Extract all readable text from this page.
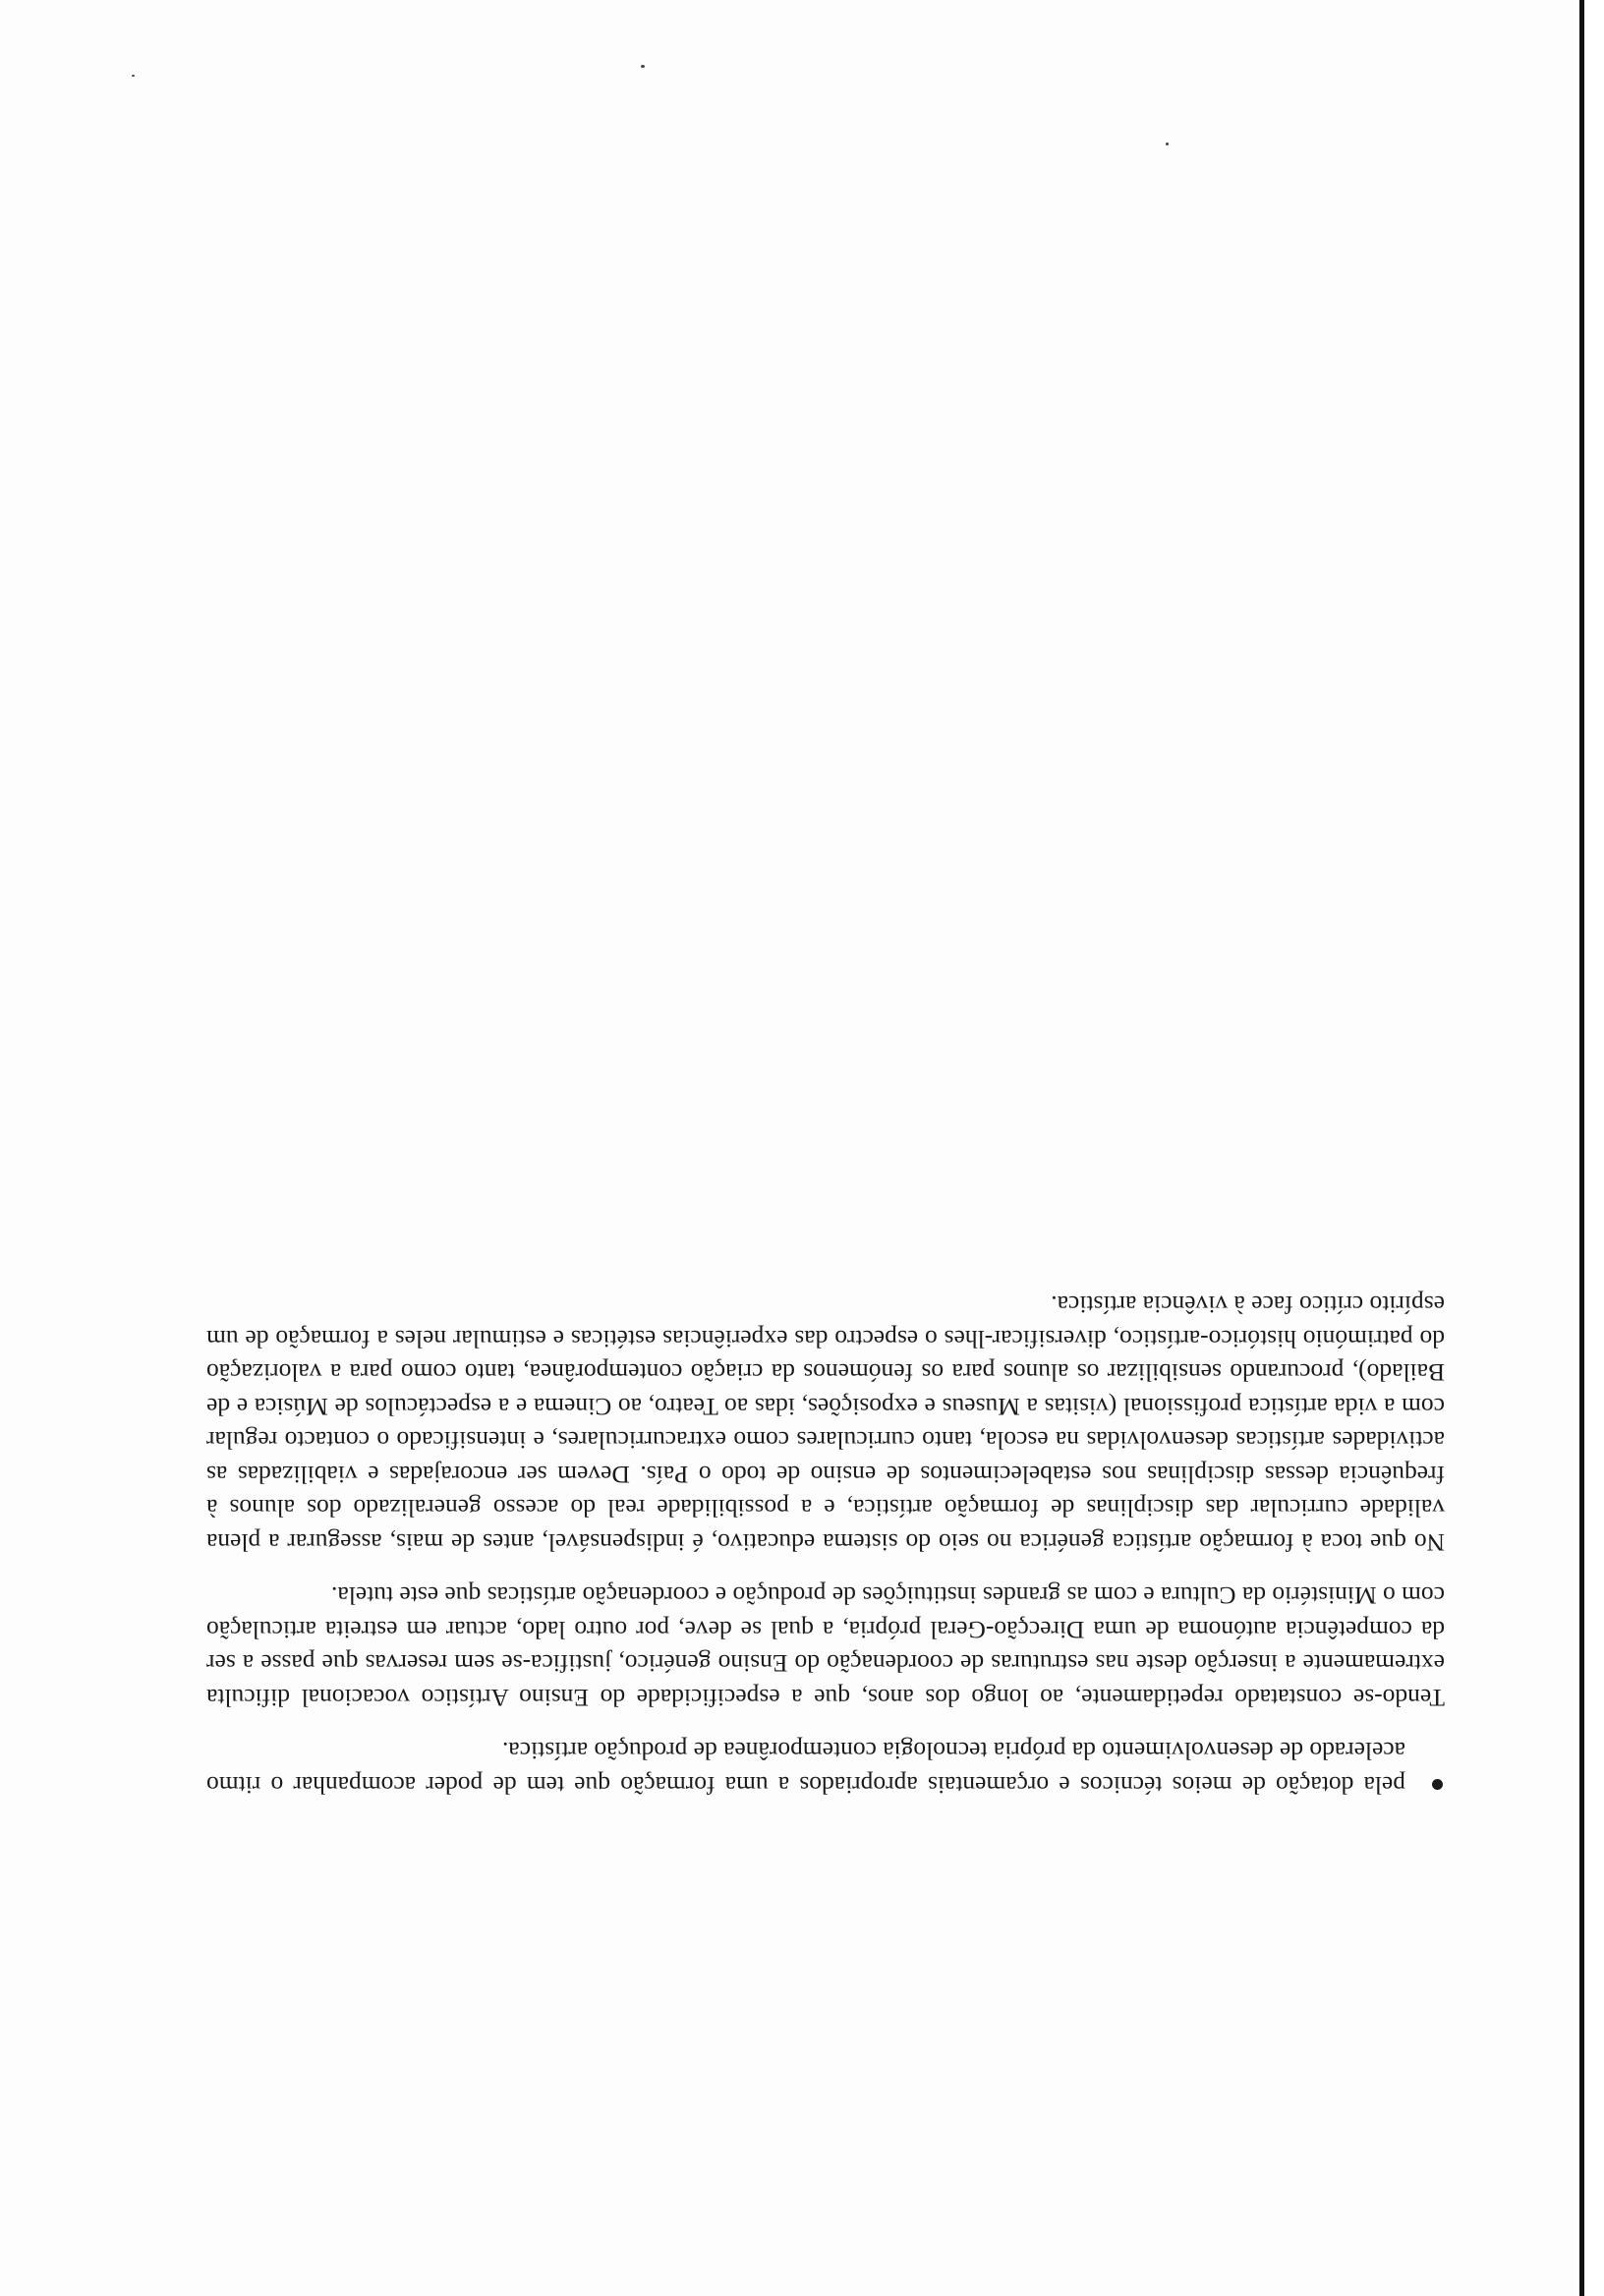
pela dotação de meios técnicos e orçamentais apropriados a uma formação que tem de poder acompanhar o ritmo acelerado de desenvolvimento da própria tecnologia contemporânea de produção artística.

Tendo-se constatado repetidamente, ao longo dos anos, que a especificidade do Ensino Artístico vocacional dificulta extremamente a inserção deste nas estruturas de coordenação do Ensino genérico, justifica-se sem reservas que passe a ser da competência autónoma de uma Direcção-Geral própria, a qual se deve, por outro lado, actuar em estreita articulação com o Ministério da Cultura e com as grandes instituições de produção e coordenação artísticas que este tutela.

No que toca à formação artística genérica no seio do sistema educativo, é indispensável, antes de mais, assegurar a plena validade curricular das disciplinas de formação artística, e a possibilidade real do acesso generalizado dos alunos à frequência dessas disciplinas nos estabelecimentos de ensino de todo o País. Devem ser encorajadas e viabilizadas as actividades artísticas desenvolvidas na escola, tanto curriculares como extracurriculares, e intensificado o contacto regular com a vida artística profissional (visitas a Museus e exposições, idas ao Teatro, ao Cinema e a espectáculos de Música e de Bailado), procurando sensibilizar os alunos para os fenómenos da criação contemporânea, tanto como para a valorização do património histórico-artístico, diversificar-lhes o espectro das experiências estéticas e estimular neles a formação de um espírito crítico face à vivência artística.
